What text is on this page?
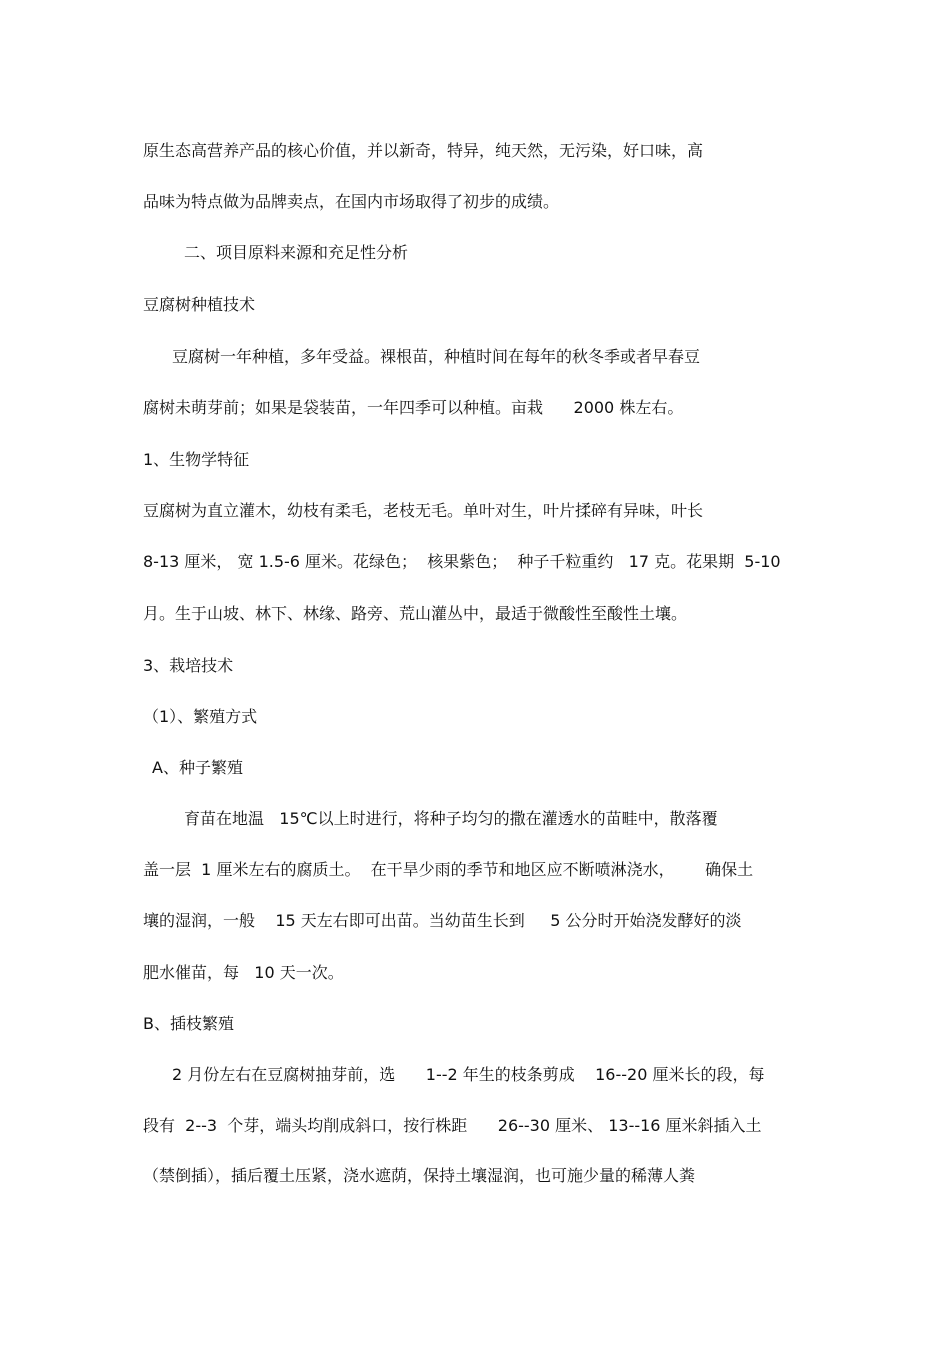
原生态高营养产品的核心价值，并以新奇，特异，纯天然，无污染，好口味，高
品味为特点做为品牌卖点，在国内市场取得了初步的成绩。
二、项目原料来源和充足性分析
豆腐树种植技术
豆腐树一年种植，多年受益。裸根苗，种植时间在每年的秋冬季或者早春豆
腐树未萌芽前；如果是袋装苗，一年四季可以种植。亩栽      2000 株左右。
1、生物学特征
豆腐树为直立灌木，幼枝有柔毛，老枝无毛。单叶对生，叶片揉碎有异味，叶长
8-13 厘米， 宽 1.5-6 厘米。花绿色；  核果紫色；  种子千粒重约   17 克。花果期  5-10
月。生于山坡、林下、林缘、路旁、荒山灌丛中，最适于微酸性至酸性土壤。
3、栽培技术
（1）、繁殖方式
A、种子繁殖
育苗在地温   15℃以上时进行，将种子均匀的撒在灌透水的苗畦中，散落覆
盖一层  1 厘米左右的腐质土。  在干旱少雨的季节和地区应不断喷淋浇水，      确保土
壤的湿润，一般    15 天左右即可出苗。当幼苗生长到     5 公分时开始浇发酵好的淡
肥水催苗，每   10 天一次。
B、插枝繁殖
2 月份左右在豆腐树抽芽前，选      1--2 年生的枝条剪成    16--20 厘米长的段，每
段有  2--3  个芽，端头均削成斜口，按行株距      26--30 厘米、 13--16 厘米斜插入土
（禁倒插），插后覆土压紧，浇水遮荫，保持土壤湿润，也可施少量的稀薄人粪
